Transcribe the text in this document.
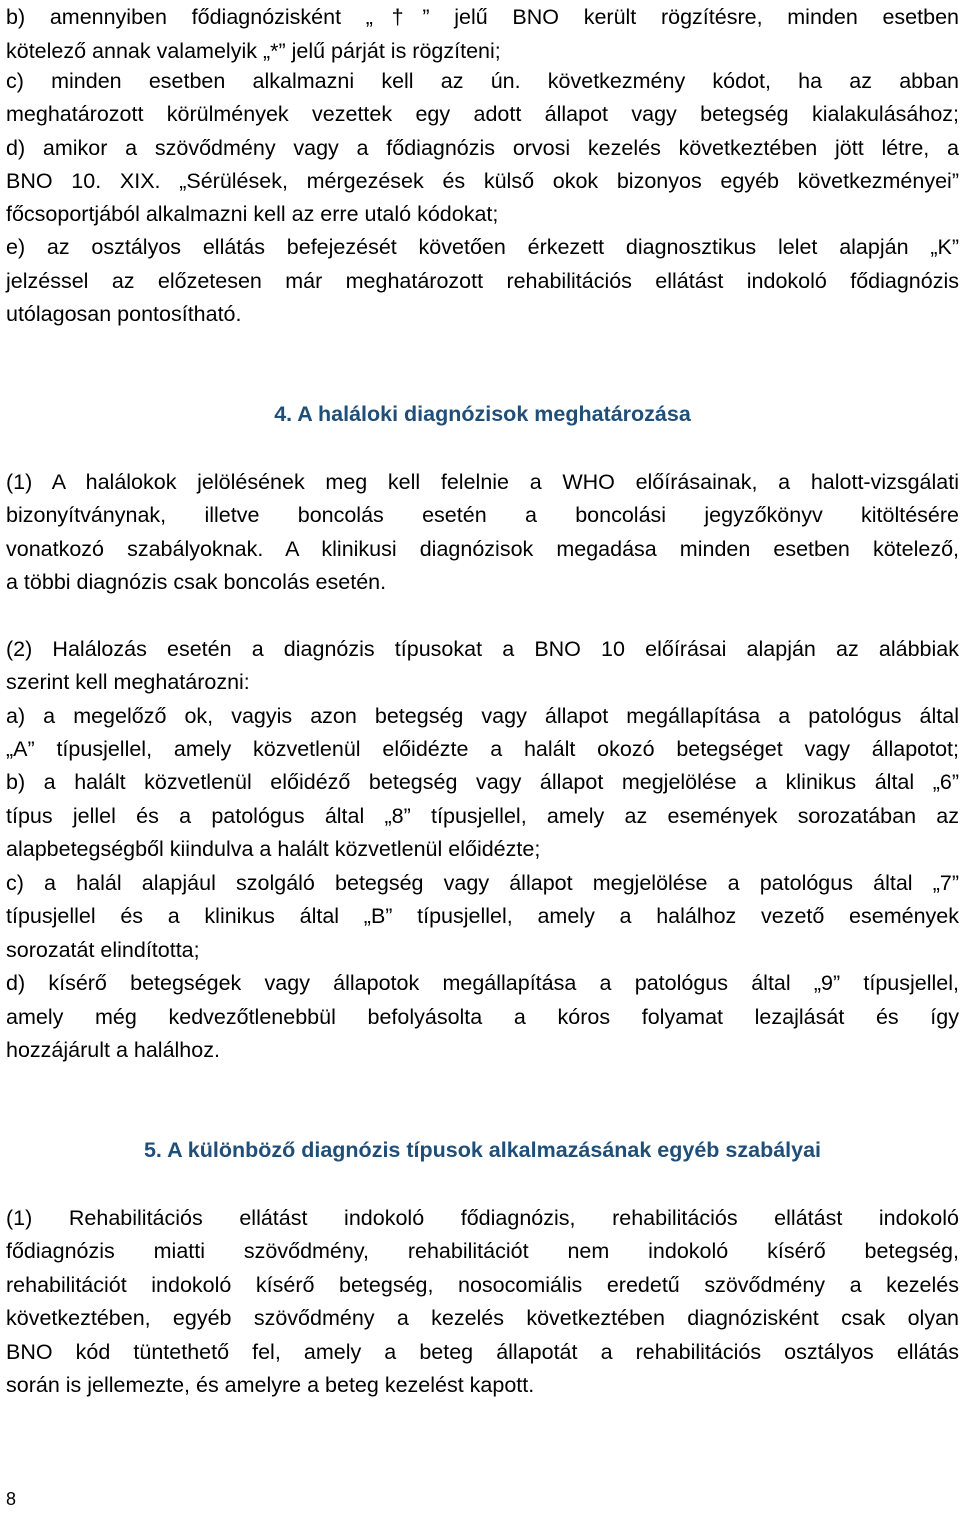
b) amennyiben fődiagnózisként „†” jelű BNO került rögzítésre, minden esetben
kötelező annak valamelyik „*” jelű párját is rögzíteni;
c) minden esetben alkalmazni kell az ún. következmény kódot, ha az abban
meghatározott körülmények vezettek egy adott állapot vagy betegség kialakulásához;
d) amikor a szövődmény vagy a fődiagnózis orvosi kezelés következtében jött létre, a
BNO 10. XIX. „Sérülések, mérgezések és külső okok bizonyos egyéb következményei”
főcsoportjából alkalmazni kell az erre utaló kódokat;
e) az osztályos ellátás befejezését követően érkezett diagnosztikus lelet alapján „K”
jelzéssel az előzetesen már meghatározott rehabilitációs ellátást indokoló fődiagnózis
utólagosan pontosítható.
4. A haláloki diagnózisok meghatározása
(1) A halálokok jelölésének meg kell felelnie a WHO előírásainak, a halott-vizsgálati
bizonyítványnak, illetve boncolás esetén a boncolási jegyzőkönyv kitöltésére
vonatkozó szabályoknak. A klinikusi diagnózisok megadása minden esetben kötelező,
a többi diagnózis csak boncolás esetén.
(2) Halálozás esetén a diagnózis típusokat a BNO 10 előírásai alapján az alábbiak
szerint kell meghatározni:
a) a megelőző ok, vagyis azon betegség vagy állapot megállapítása a patológus által
„A” típusjellel, amely közvetlenül előidézte a halált okozó betegséget vagy állapotot;
b) a halált közvetlenül előidéző betegség vagy állapot megjelölése a klinikus által „6”
típus jellel és a patológus által „8” típusjellel, amely az események sorozatában az
alapbetegségből kiindulva a halált közvetlenül előidézte;
c) a halál alapjául szolgáló betegség vagy állapot megjelölése a patológus által „7”
típusjellel és a klinikus által „B” típusjellel, amely a halálhoz vezető események
sorozatát elindította;
d) kísérő betegségek vagy állapotok megállapítása a patológus által „9” típusjellel,
amely még kedvezőtlenebbül befolyásolta a kóros folyamat lezajlását és így
hozzájárult a halálhoz.
5. A különböző diagnózis típusok alkalmazásának egyéb szabályai
(1) Rehabilitációs ellátást indokoló fődiagnózis, rehabilitációs ellátást indokoló
fődiagnózis miatti szövődmény, rehabilitációt nem indokoló kísérő betegség,
rehabilitációt indokoló kísérő betegség, nosocomiális eredetű szövődmény a kezelés
következtében, egyéb szövődmény a kezelés következtében diagnózisként csak olyan
BNO kód tüntethető fel, amely a beteg állapotát a rehabilitációs osztályos ellátás
során is jellemezte, és amelyre a beteg kezelést kapott.
8
